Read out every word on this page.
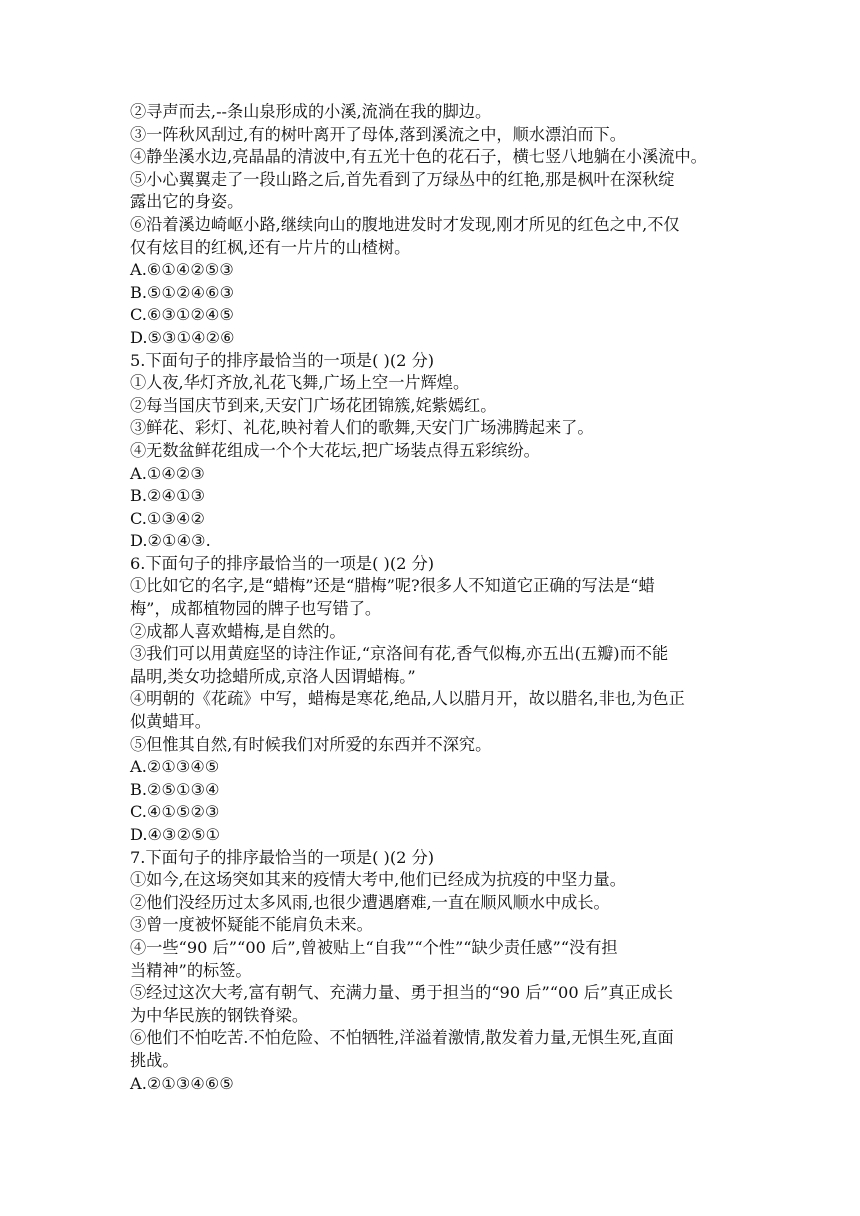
②寻声而去,--条山泉形成的小溪,流淌在我的脚边。
③一阵秋风刮过,有的树叶离开了母体,落到溪流之中，顺水漂泊而下。
④静坐溪水边,亮晶晶的清波中,有五光十色的花石子，横七竖八地躺在小溪流中。
⑤小心翼翼走了一段山路之后,首先看到了万绿丛中的红艳,那是枫叶在深秋绽
露出它的身姿。
⑥沿着溪边崎岖小路,继续向山的腹地进发时才发现,刚才所见的红色之中,不仅
仅有炫目的红枫,还有一片片的山楂树。
A.⑥①④②⑤③
B.⑤①②④⑥③
C.⑥③①②④⑤
D.⑤③①④②⑥
5.下面句子的排序最恰当的一项是( )(2 分)
①人夜,华灯齐放,礼花飞舞,广场上空一片辉煌。
②每当国庆节到来,天安门广场花团锦簇,姹紫嫣红。
③鲜花、彩灯、礼花,映衬着人们的歌舞,天安门广场沸腾起来了。
④无数盆鲜花组成一个个大花坛,把广场装点得五彩缤纷。
A.①④②③
B.②④①③
C.①③④②
D.②①④③.
6.下面句子的排序最恰当的一项是( )(2 分)
①比如它的名字,是“蜡梅”还是“腊梅”呢?很多人不知道它正确的写法是“蜡
梅”，成都植物园的牌子也写错了。
②成都人喜欢蜡梅,是自然的。
③我们可以用黄庭坚的诗注作证,“京洛间有花,香气似梅,亦五出(五瓣)而不能
晶明,类女功捻蜡所成,京洛人因谓蜡梅。”
④明朝的《花疏》中写，蜡梅是寒花,绝品,人以腊月开，故以腊名,非也,为色正
似黄蜡耳。
⑤但惟其自然,有时候我们对所爱的东西并不深究。
A.②①③④⑤
B.②⑤①③④
C.④①⑤②③
D.④③②⑤①
7.下面句子的排序最恰当的一项是( )(2 分)
①如今,在这场突如其来的疫情大考中,他们已经成为抗疫的中坚力量。
②他们没经历过太多风雨,也很少遭遇磨难,一直在顺风顺水中成长。
③曾一度被怀疑能不能肩负未来。
④一些“90 后”“00 后”,曾被贴上“自我”“个性”“缺少责任感”“没有担
当精神”的标签。
⑤经过这次大考,富有朝气、充满力量、勇于担当的“90 后”“00 后”真正成长
为中华民族的钢铁脊梁。
⑥他们不怕吃苦.不怕危险、不怕牺牲,洋溢着激情,散发着力量,无惧生死,直面
挑战。
A.②①③④⑥⑤
